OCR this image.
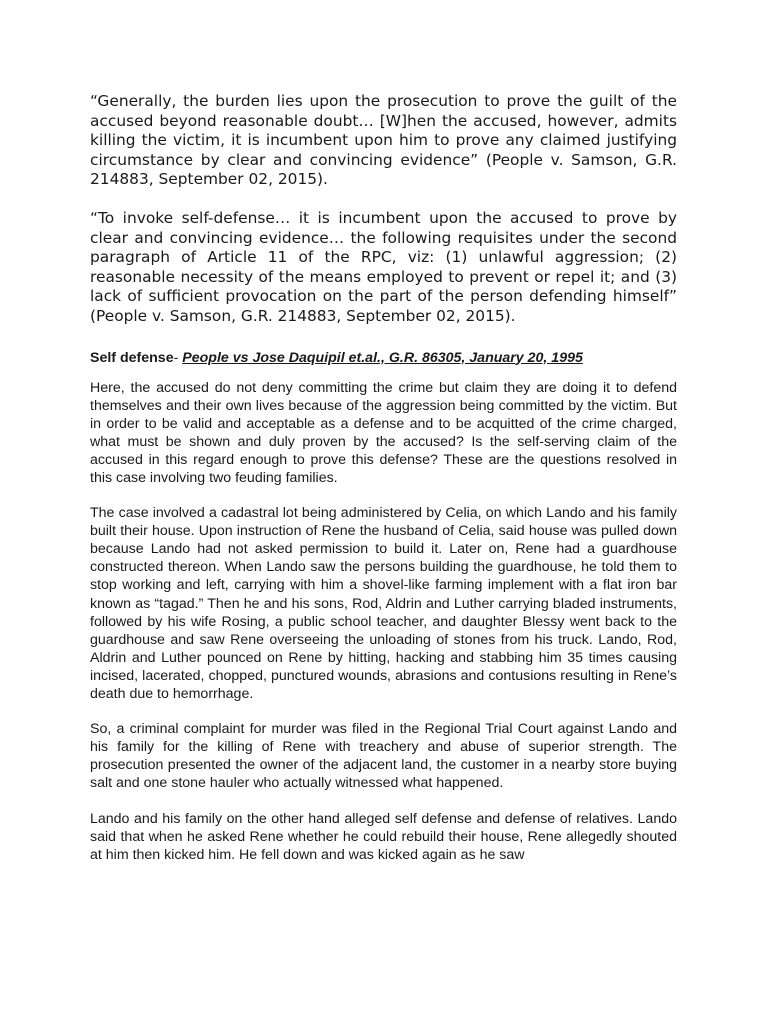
“Generally, the burden lies upon the prosecution to prove the guilt of the accused beyond reasonable doubt… [W]hen the accused, however, admits killing the victim, it is incumbent upon him to prove any claimed justifying circumstance by clear and convincing evidence” (People v. Samson, G.R. 214883, September 02, 2015).

“To invoke self-defense… it is incumbent upon the accused to prove by clear and convincing evidence… the following requisites under the second paragraph of Article 11 of the RPC, viz: (1) unlawful aggression; (2) reasonable necessity of the means employed to prevent or repel it; and (3) lack of sufficient provocation on the part of the person defending himself” (People v. Samson, G.R. 214883, September 02, 2015).

Self defense- People vs Jose Daquipil et.al., G.R. 86305, January 20, 1995

Here, the accused do not deny committing the crime but claim they are doing it to defend themselves and their own lives because of the aggression being committed by the victim. But in order to be valid and acceptable as a defense and to be acquitted of the crime charged, what must be shown and duly proven by the accused? Is the self-serving claim of the accused in this regard enough to prove this defense? These are the questions resolved in this case involving two feuding families.

The case involved a cadastral lot being administered by Celia, on which Lando and his family built their house. Upon instruction of Rene the husband of Celia, said house was pulled down because Lando had not asked permission to build it. Later on, Rene had a guardhouse constructed thereon. When Lando saw the persons building the guardhouse, he told them to stop working and left, carrying with him a shovel-like farming implement with a flat iron bar known as “tagad.” Then he and his sons, Rod, Aldrin and Luther carrying bladed instruments, followed by his wife Rosing, a public school teacher, and daughter Blessy went back to the guardhouse and saw Rene overseeing the unloading of stones from his truck. Lando, Rod, Aldrin and Luther pounced on Rene by hitting, hacking and stabbing him 35 times causing incised, lacerated, chopped, punctured wounds, abrasions and contusions resulting in Rene’s death due to hemorrhage.

So, a criminal complaint for murder was filed in the Regional Trial Court against Lando and his family for the killing of Rene with treachery and abuse of superior strength. The prosecution presented the owner of the adjacent land, the customer in a nearby store buying salt and one stone hauler who actually witnessed what happened.

Lando and his family on the other hand alleged self defense and defense of relatives. Lando said that when he asked Rene whether he could rebuild their house, Rene allegedly shouted at him then kicked him. He fell down and was kicked again as he saw
